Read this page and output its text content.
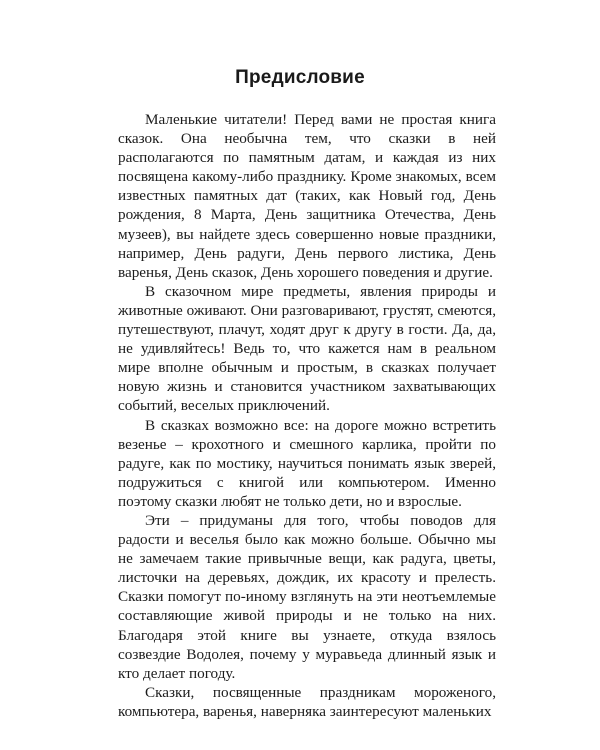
Предисловие

Маленькие читатели! Перед вами не простая книга сказок. Она необычна тем, что сказки в ней располагаются по памятным датам, и каждая из них посвящена какому-либо празднику. Кроме знакомых, всем известных памятных дат (таких, как Новый год, День рождения, 8 Марта, День защитника Отечества, День музеев), вы найдете здесь совершенно новые праздники, например, День радуги, День первого листика, День варенья, День сказок, День хорошего поведения и другие.

В сказочном мире предметы, явления природы и животные оживают. Они разговаривают, грустят, смеются, путешествуют, плачут, ходят друг к другу в гости. Да, да, не удивляйтесь! Ведь то, что кажется нам в реальном мире вполне обычным и простым, в сказках получает новую жизнь и становится участником захватывающих событий, веселых приключений.

В сказках возможно все: на дороге можно встретить везенье – крохотного и смешного карлика, пройти по радуге, как по мостику, научиться понимать язык зверей, подружиться с книгой или компьютером. Именно поэтому сказки любят не только дети, но и взрослые.

Эти – придуманы для того, чтобы поводов для радости и веселья было как можно больше. Обычно мы не замечаем такие привычные вещи, как радуга, цветы, листочки на деревьях, дождик, их красоту и прелесть. Сказки помогут по-иному взглянуть на эти неотъемлемые составляющие живой природы и не только на них. Благодаря этой книге вы узнаете, откуда взялось созвездие Водолея, почему у муравьеда длинный язык и кто делает погоду.

Сказки, посвященные праздникам мороженого, компьютера, варенья, наверняка заинтересуют маленьких
